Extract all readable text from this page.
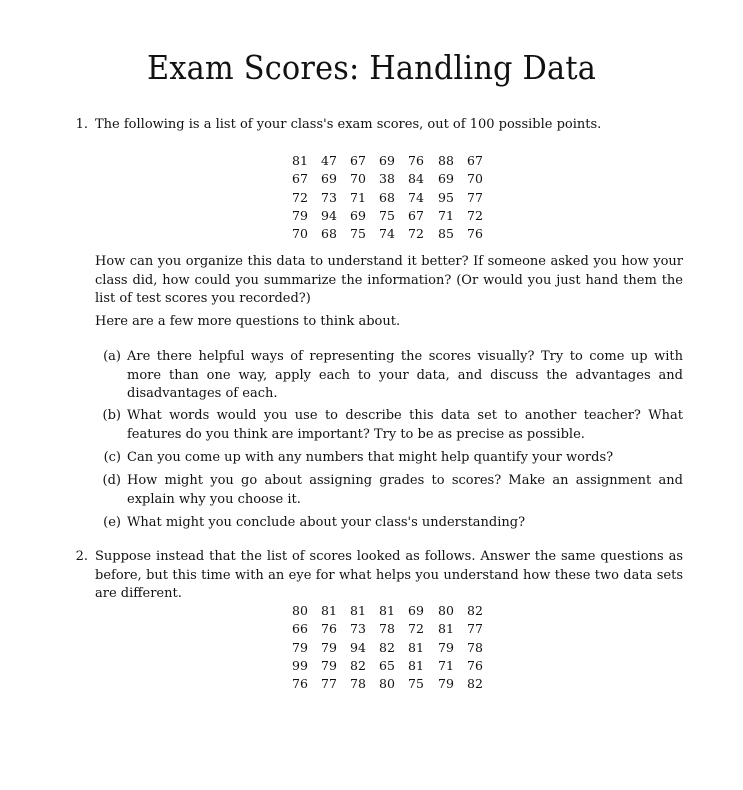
Exam Scores: Handling Data
1. The following is a list of your class's exam scores, out of 100 possible points.
How can you organize this data to understand it better? If someone asked you how your class did, how could you summarize the information? (Or would you just hand them the list of test scores you recorded?)
Here are a few more questions to think about.
(a) Are there helpful ways of representing the scores visually? Try to come up with more than one way, apply each to your data, and discuss the advantages and disadvantages of each.
(b) What words would you use to describe this data set to another teacher? What features do you think are important? Try to be as precise as possible.
(c) Can you come up with any numbers that might help quantify your words?
(d) How might you go about assigning grades to scores? Make an assignment and explain why you choose it.
(e) What might you conclude about your class's understanding?
2. Suppose instead that the list of scores looked as follows. Answer the same questions as before, but this time with an eye for what helps you understand how these two data sets are different.
81	47	67	69	76	88	67
67	69	70	38	84	69	70
72	73	71	68	74	95	77
79	94	69	75	67	71	72
70	68	75	74	72	85	76
80	81	81	81	69	80	82
66	76	73	78	72	81	77
79	79	94	82	81	79	78
99	79	82	65	81	71	76
76	77	78	80	75	79	82
